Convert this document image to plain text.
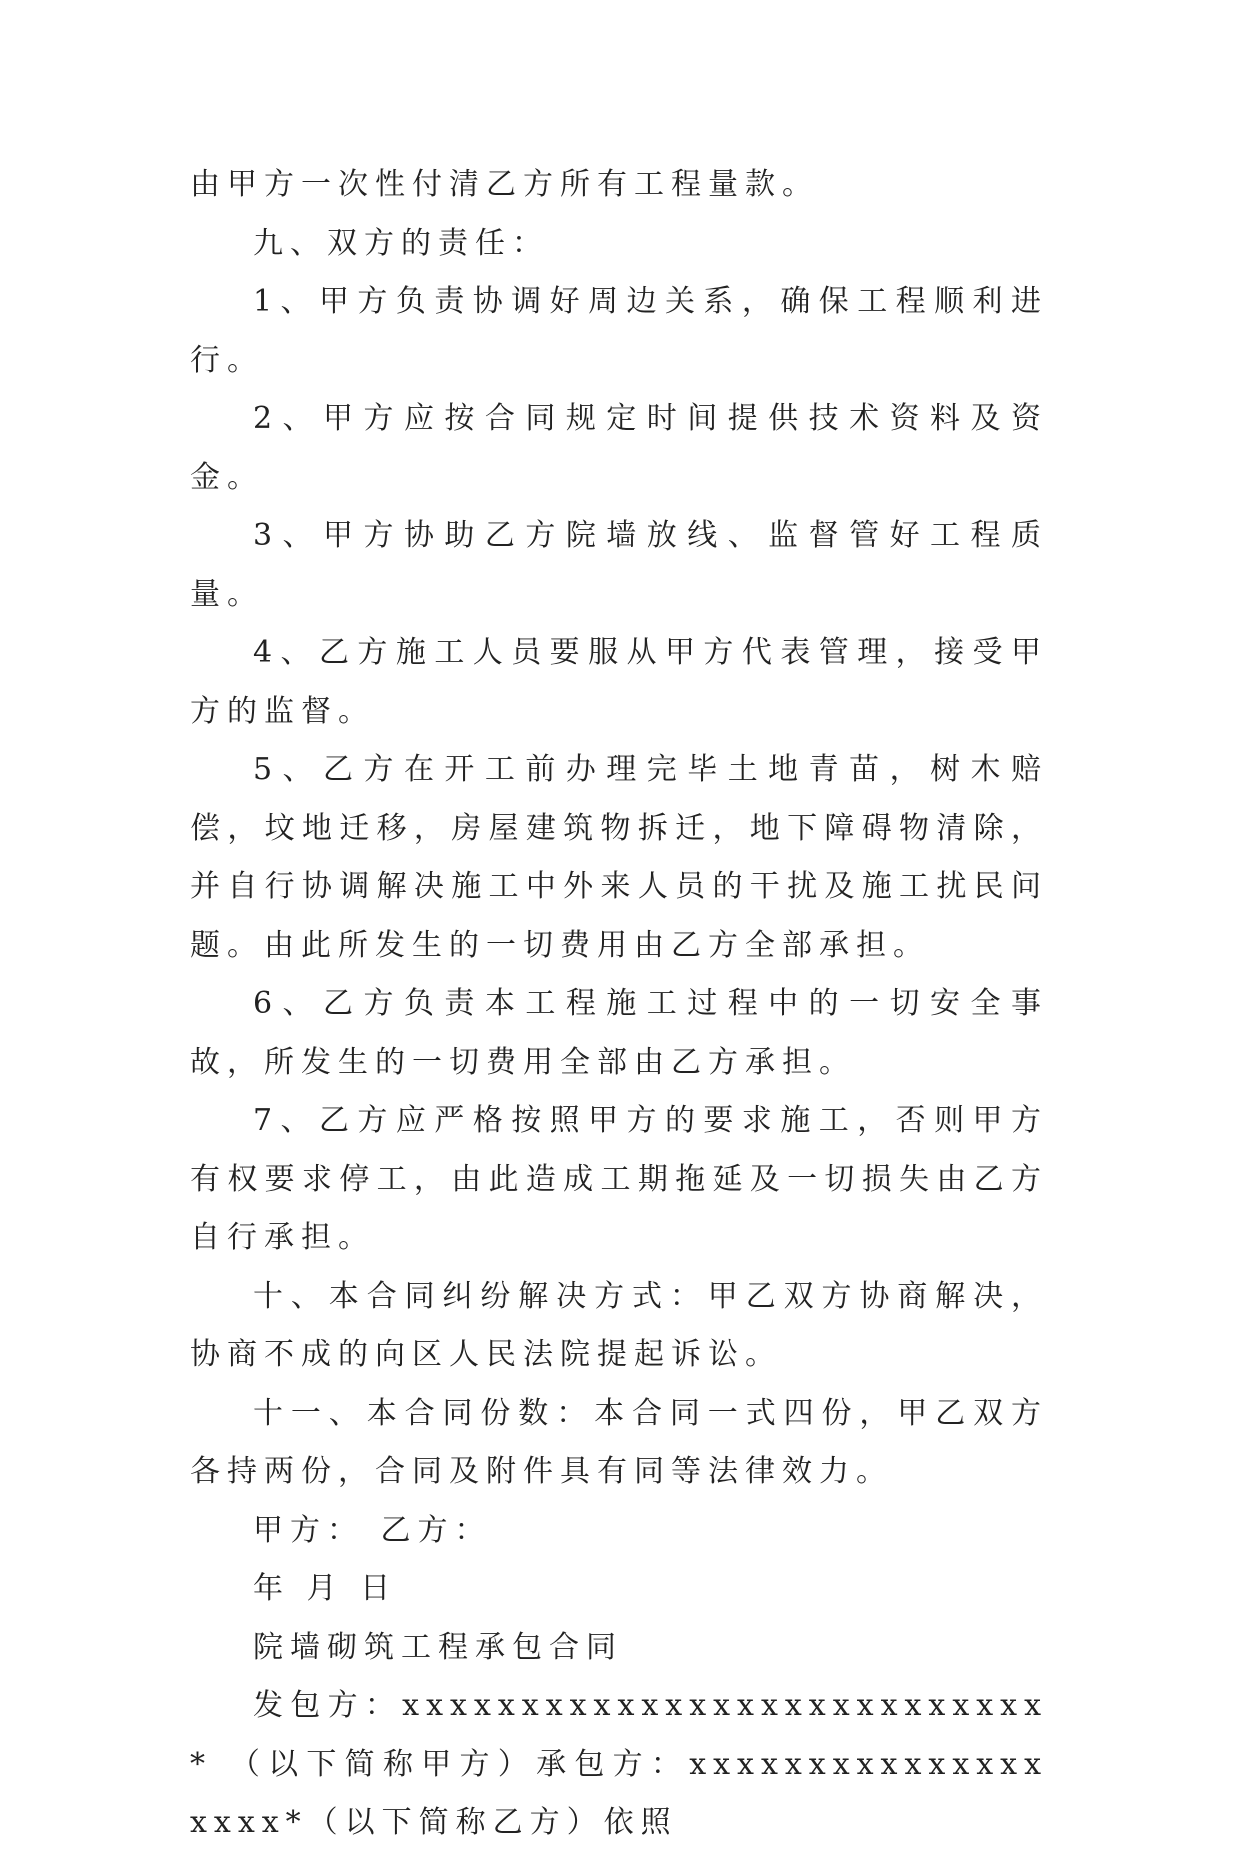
由甲方一次性付清乙方所有工程量款。

九、双方的责任：

1、甲方负责协调好周边关系，确保工程顺利进行。

2、甲方应按合同规定时间提供技术资料及资金。

3、甲方协助乙方院墙放线、监督管好工程质量。

4、乙方施工人员要服从甲方代表管理，接受甲方的监督。

5、乙方在开工前办理完毕土地青苗，树木赔偿，坟地迁移，房屋建筑物拆迁，地下障碍物清除，并自行协调解决施工中外来人员的干扰及施工扰民问题。由此所发生的一切费用由乙方全部承担。

6、乙方负责本工程施工过程中的一切安全事故，所发生的一切费用全部由乙方承担。

7、乙方应严格按照甲方的要求施工，否则甲方有权要求停工，由此造成工期拖延及一切损失由乙方自行承担。

十、本合同纠纷解决方式：甲乙双方协商解决，协商不成的向区人民法院提起诉讼。

十一、本合同份数：本合同一式四份，甲乙双方各持两份，合同及附件具有同等法律效力。

甲方： 乙方：

年 月 日

院墙砌筑工程承包合同

发包方：xxxxxxxxxxxxxxxxxxxxxxxxxxx* （以下简称甲方）承包方：xxxxxxxxxxxxxxxxxxx*（以下简称乙方）依照
